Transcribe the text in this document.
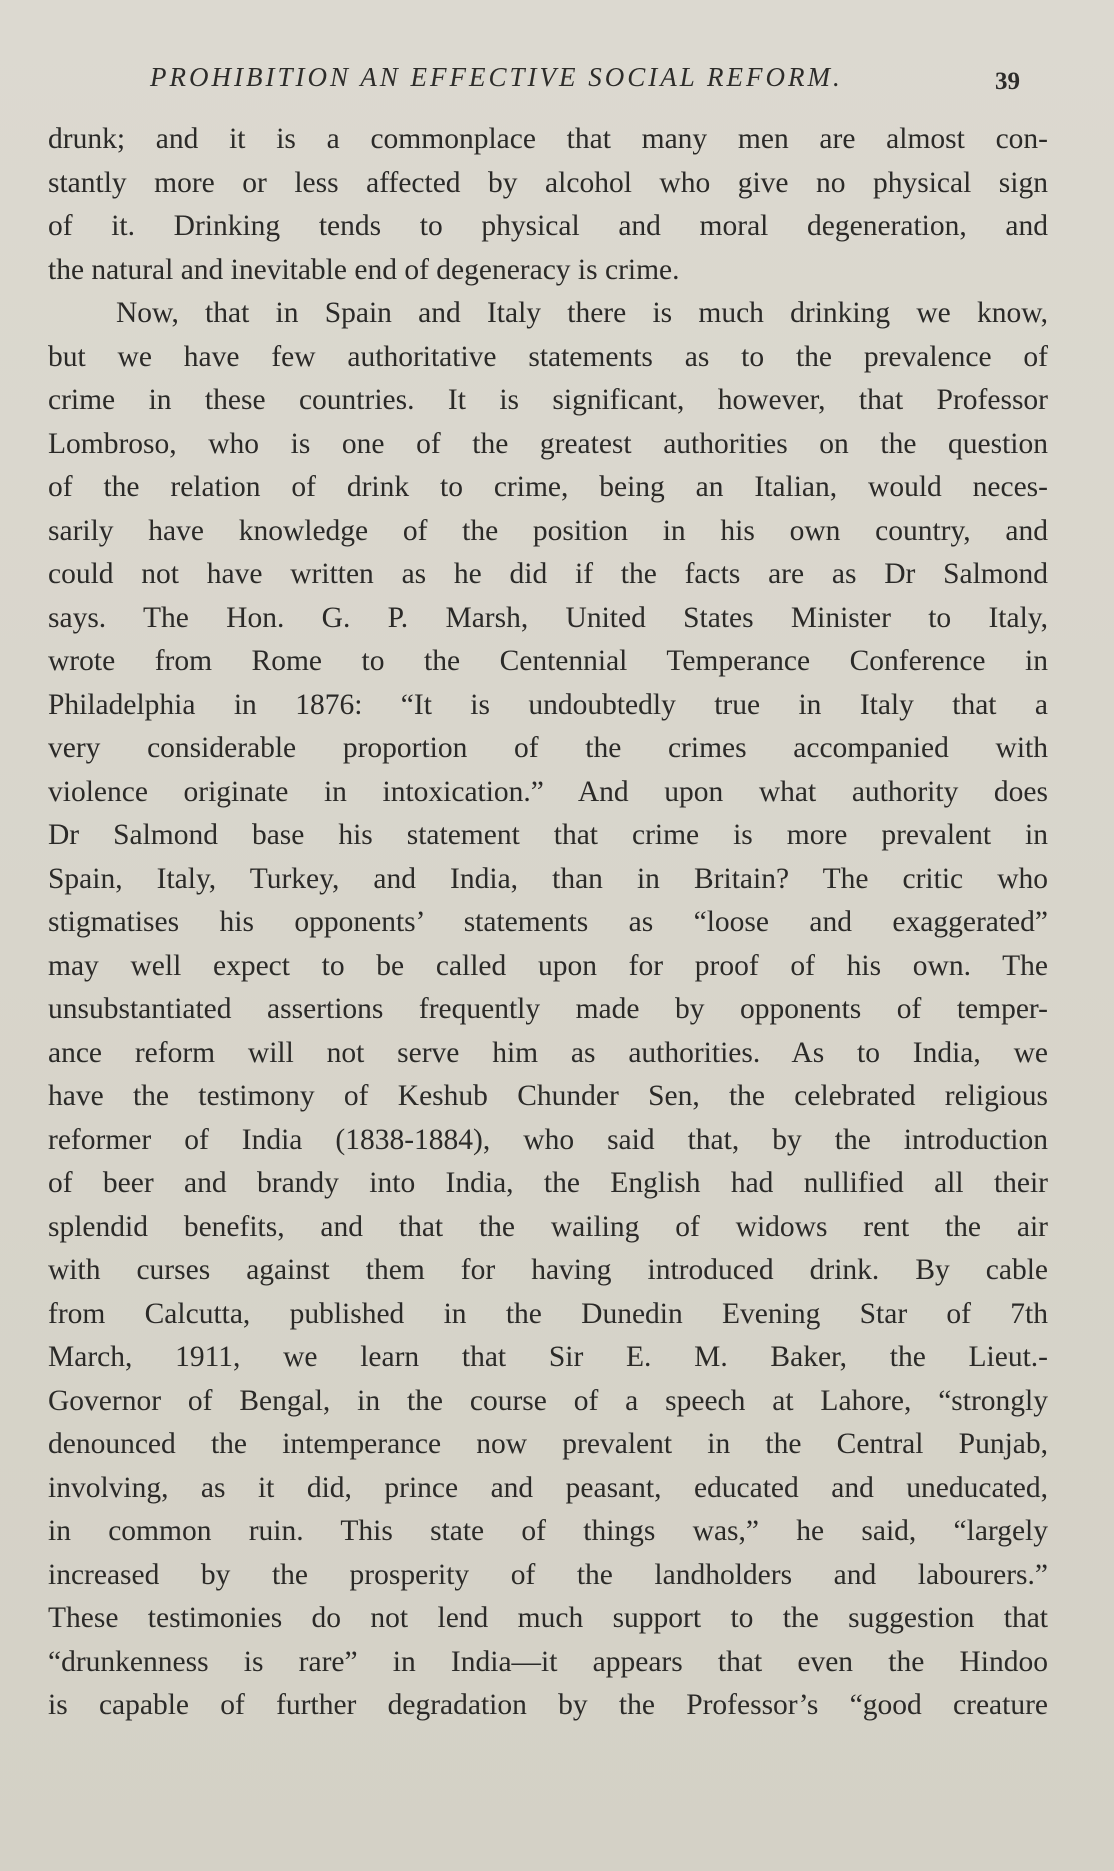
PROHIBITION AN EFFECTIVE SOCIAL REFORM.	39
drunk; and it is a commonplace that many men are almost con-
stantly more or less affected by alcohol who give no physical sign
of it. Drinking tends to physical and moral degeneration, and
the natural and inevitable end of degeneracy is crime.
Now, that in Spain and Italy there is much drinking we know,
but we have few authoritative statements as to the prevalence of
crime in these countries. It is significant, however, that Professor
Lombroso, who is one of the greatest authorities on the question
of the relation of drink to crime, being an Italian, would neces-
sarily have knowledge of the position in his own country, and
could not have written as he did if the facts are as Dr Salmond
says. The Hon. G. P. Marsh, United States Minister to Italy,
wrote from Rome to the Centennial Temperance Conference in
Philadelphia in 1876: “It is undoubtedly true in Italy that a
very considerable proportion of the crimes accompanied with
violence originate in intoxication.” And upon what authority does
Dr Salmond base his statement that crime is more prevalent in
Spain, Italy, Turkey, and India, than in Britain? The critic who
stigmatises his opponents’ statements as “loose and exaggerated”
may well expect to be called upon for proof of his own. The
unsubstantiated assertions frequently made by opponents of temper-
ance reform will not serve him as authorities. As to India, we
have the testimony of Keshub Chunder Sen, the celebrated religious
reformer of India (1838-1884), who said that, by the introduction
of beer and brandy into India, the English had nullified all their
splendid benefits, and that the wailing of widows rent the air
with curses against them for having introduced drink. By cable
from Calcutta, published in the Dunedin Evening Star of 7th
March, 1911, we learn that Sir E. M. Baker, the Lieut.-
Governor of Bengal, in the course of a speech at Lahore, “strongly
denounced the intemperance now prevalent in the Central Punjab,
involving, as it did, prince and peasant, educated and uneducated,
in common ruin. This state of things was,” he said, “largely
increased by the prosperity of the landholders and labourers.”
These testimonies do not lend much support to the suggestion that
“drunkenness is rare” in India—it appears that even the Hindoo
is capable of further degradation by the Professor’s “good creature
